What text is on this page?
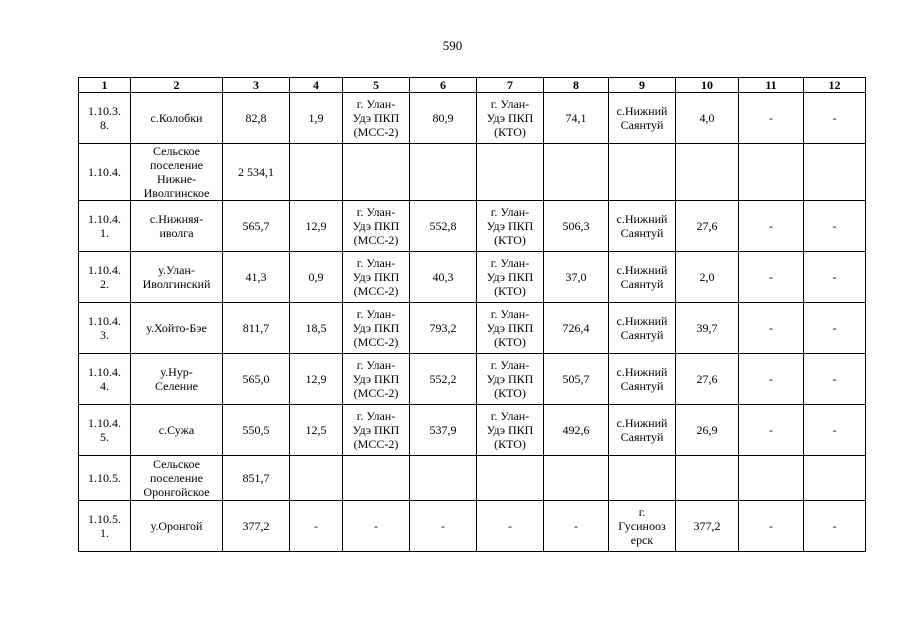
590
1	2	3	4	5	6	7	8	9	10	11	12
1.10.3.
8.	с.Колобки	82,8	1,9	г. Улан-
Удэ ПКП
(МСС-2)	80,9	г. Улан-
Удэ ПКП
(КТО)	74,1	с.Нижний
Саянтуй	4,0	-	-
1.10.4.	Сельское
поселение
Нижне-
Иволгинское	2 534,1									
1.10.4.
1.	с.Нижняя-
иволга	565,7	12,9	г. Улан-
Удэ ПКП
(МСС-2)	552,8	г. Улан-
Удэ ПКП
(КТО)	506,3	с.Нижний
Саянтуй	27,6	-	-
1.10.4.
2.	у.Улан-
Иволгинский	41,3	0,9	г. Улан-
Удэ ПКП
(МСС-2)	40,3	г. Улан-
Удэ ПКП
(КТО)	37,0	с.Нижний
Саянтуй	2,0	-	-
1.10.4.
3.	у.Хойто-Бэе	811,7	18,5	г. Улан-
Удэ ПКП
(МСС-2)	793,2	г. Улан-
Удэ ПКП
(КТО)	726,4	с.Нижний
Саянтуй	39,7	-	-
1.10.4.
4.	у.Нур-
Селение	565,0	12,9	г. Улан-
Удэ ПКП
(МСС-2)	552,2	г. Улан-
Удэ ПКП
(КТО)	505,7	с.Нижний
Саянтуй	27,6	-	-
1.10.4.
5.	с.Сужа	550,5	12,5	г. Улан-
Удэ ПКП
(МСС-2)	537,9	г. Улан-
Удэ ПКП
(КТО)	492,6	с.Нижний
Саянтуй	26,9	-	-
1.10.5.	Сельское
поселение
Оронгойское	851,7									
1.10.5.
1.	у.Оронгой	377,2	-	-	-	-	-	г.
Гусиноoз
ерск	377,2	-	-
